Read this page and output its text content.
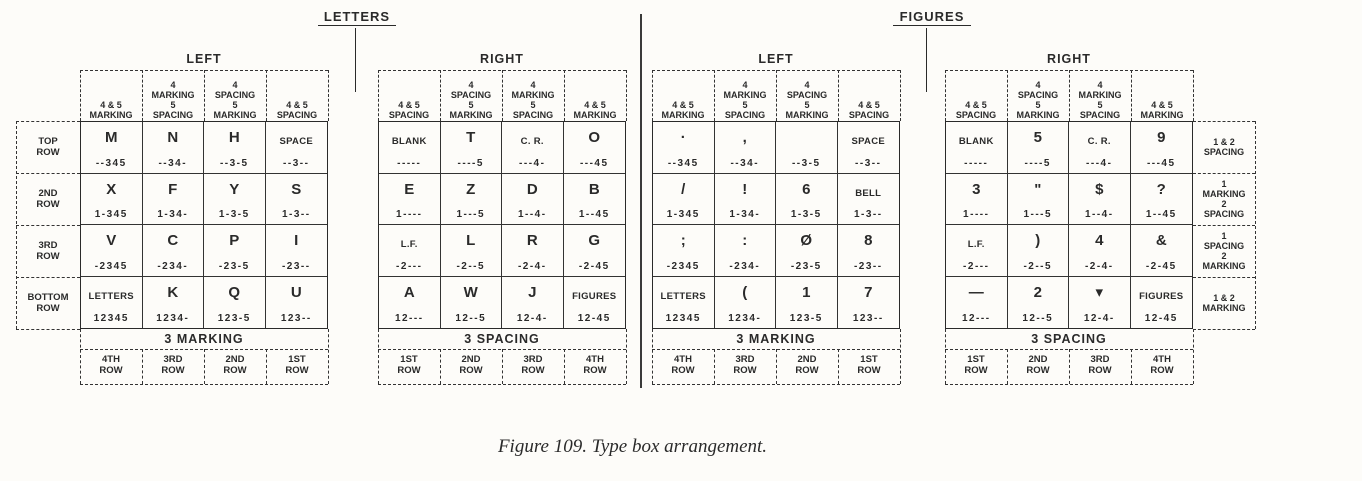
LETTERS	FIGURES
LEFT
4 & 5
MARKING
4
MARKING
5
SPACING
4
SPACING
5
MARKING
4 & 5
SPACING
M
--345
N
--34-
H
--3-5
SPACE
--3--
X
1-345
F
1-34-
Y
1-3-5
S
1-3--
V
-2345
C
-234-
P
-23-5
I
-23--
LETTERS
12345
K
1234-
Q
123-5
U
123--
3 MARKING
4TH
ROW
3RD
ROW
2ND
ROW
1ST
ROW
RIGHT
4 & 5
SPACING
4
SPACING
5
MARKING
4
MARKING
5
SPACING
4 & 5
MARKING
BLANK
-----
T
----5
C. R.
---4-
O
---45
E
1----
Z
1---5
D
1--4-
B
1--45
L.F.
-2---
L
-2--5
R
-2-4-
G
-2-45
A
12---
W
12--5
J
12-4-
FIGURES
12-45
3 SPACING
1ST
ROW
2ND
ROW
3RD
ROW
4TH
ROW
LEFT
4 & 5
MARKING
4
MARKING
5
SPACING
4
SPACING
5
MARKING
4 & 5
SPACING
·
--345
,
--34-	--3-5
SPACE
--3--
/
1-345
!
1-34-
6
1-3-5
BELL
1-3--
;
-2345
:
-234-
Ø
-23-5
8
-23--
LETTERS
12345
(
1234-
1
123-5
7
123--
3 MARKING
4TH
ROW
3RD
ROW
2ND
ROW
1ST
ROW
RIGHT
4 & 5
SPACING
4
SPACING
5
MARKING
4
MARKING
5
SPACING
4 & 5
MARKING
BLANK
-----
5
----5
C. R.
---4-
9
---45
3
1----
"
1---5
$
1--4-
?
1--45
L.F.
-2---
)
-2--5
4
-2-4-
&
-2-45
—
12---
2
12--5
▾
12-4-
FIGURES
12-45
3 SPACING
1ST
ROW
2ND
ROW
3RD
ROW
4TH
ROW
TOP
ROW
2ND
ROW
3RD
ROW
BOTTOM
ROW
1 & 2
SPACING
1
MARKING
2
SPACING
1
SPACING
2
MARKING
1 & 2
MARKING
Figure 109. Type box arrangement.
